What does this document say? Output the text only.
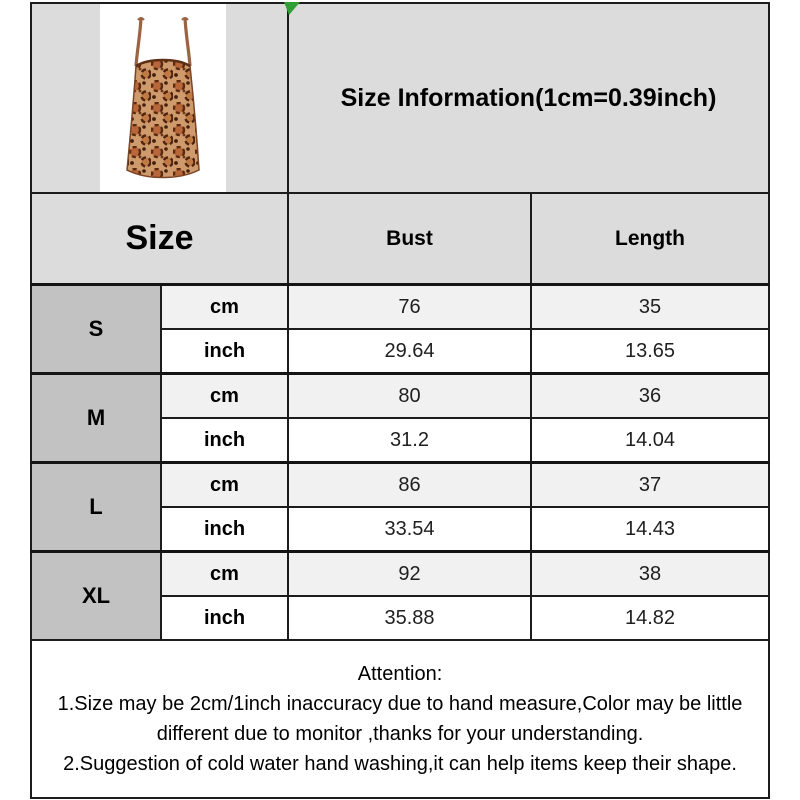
	Size Information(1cm=0.39inch)	
Size		Bust	Length
S	cm	76	35
	inch	29.64	13.65
M	cm	80	36
	inch	31.2	14.04
L	cm	86	37
	inch	33.54	14.43
XL	cm	92	38
	inch	35.88	14.82

Attention:

1.Size may be 2cm/1inch inaccuracy due to hand measure,Color may be little different due to monitor ,thanks for your understanding.

2.Suggestion of cold water hand washing,it can help items keep their shape.			
